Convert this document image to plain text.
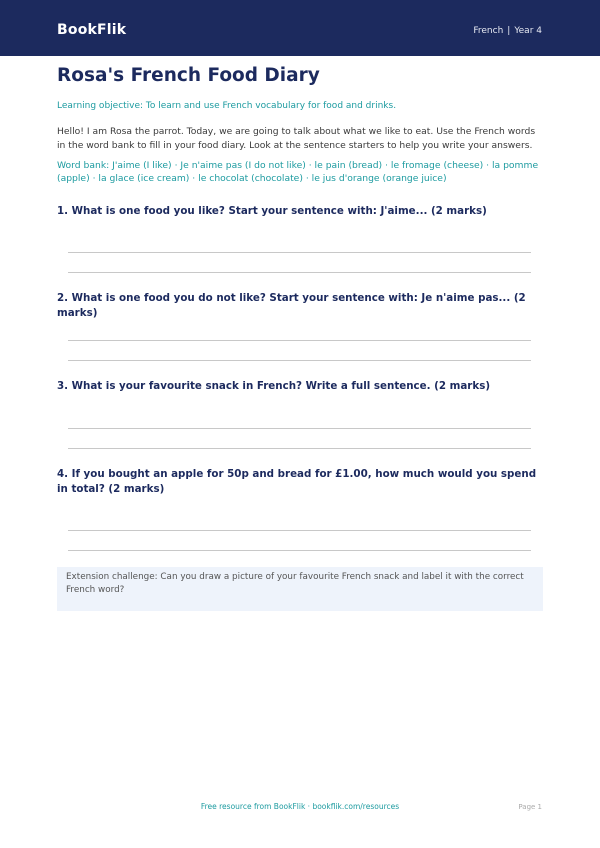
BookFlik	French | Year 4
Rosa's French Food Diary
Learning objective: To learn and use French vocabulary for food and drinks.
Hello! I am Rosa the parrot. Today, we are going to talk about what we like to eat. Use the French words in the word bank to fill in your food diary. Look at the sentence starters to help you write your answers.
Word bank: J'aime (I like) · Je n'aime pas (I do not like) · le pain (bread) · le fromage (cheese) · la pomme (apple) · la glace (ice cream) · le chocolat (chocolate) · le jus d'orange (orange juice)
1. What is one food you like? Start your sentence with: J'aime... (2 marks)
2. What is one food you do not like? Start your sentence with: Je n'aime pas... (2 marks)
3. What is your favourite snack in French? Write a full sentence. (2 marks)
4. If you bought an apple for 50p and bread for £1.00, how much would you spend in total? (2 marks)
Extension challenge: Can you draw a picture of your favourite French snack and label it with the correct French word?
Free resource from BookFlik · bookflik.com/resources	Page 1
